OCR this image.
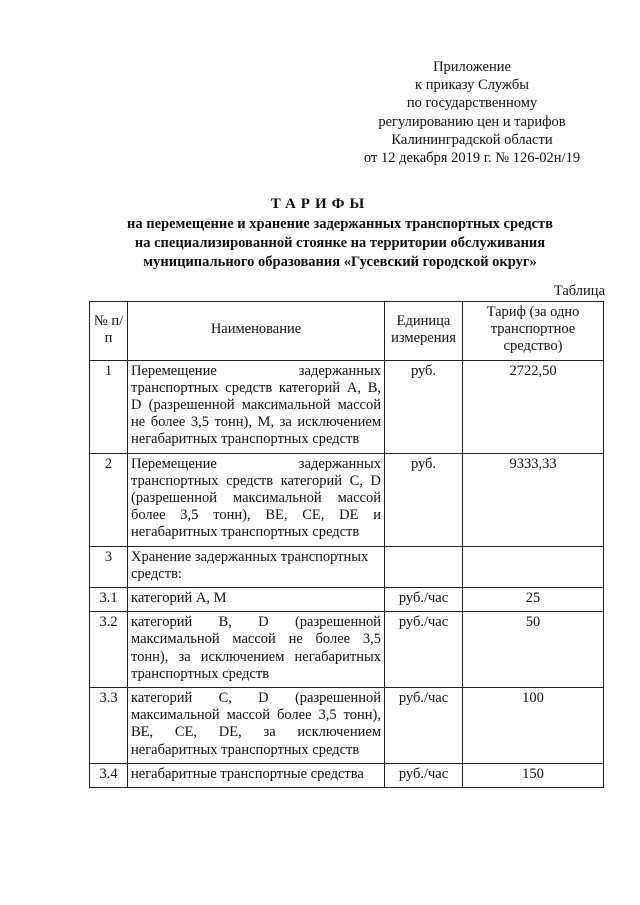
Приложение
к приказу Службы
по государственному
регулированию цен и тарифов
Калининградской области
от 12 декабря 2019 г. № 126-02н/19
ТАРИФЫ
на перемещение и хранение задержанных транспортных средств
на специализированной стоянке на территории обслуживания
муниципального образования «Гусевский городской округ»
Таблица
№ п/п	Наименование	Единица измерения	Тариф (за одно транспортное средство)
1	Перемещение задержанных транспортных средств категорий A, B, D (разрешенной максимальной массой не более 3,5 тонн), M, за исключением негабаритных транспортных средств	руб.	2722,50
2	Перемещение задержанных транспортных средств категорий C, D (разрешенной максимальной массой более 3,5 тонн), BE, CE, DE и негабаритных транспортных средств	руб.	9333,33
3	Хранение задержанных транспортных средств:		
3.1	категорий A, M	руб./час	25
3.2	категорий B, D (разрешенной максимальной массой не более 3,5 тонн), за исключением негабаритных транспортных средств	руб./час	50
3.3	категорий C, D (разрешенной максимальной массой более 3,5 тонн), BE, CE, DE, за исключением негабаритных транспортных средств	руб./час	100
3.4	негабаритные транспортные средства	руб./час	150
